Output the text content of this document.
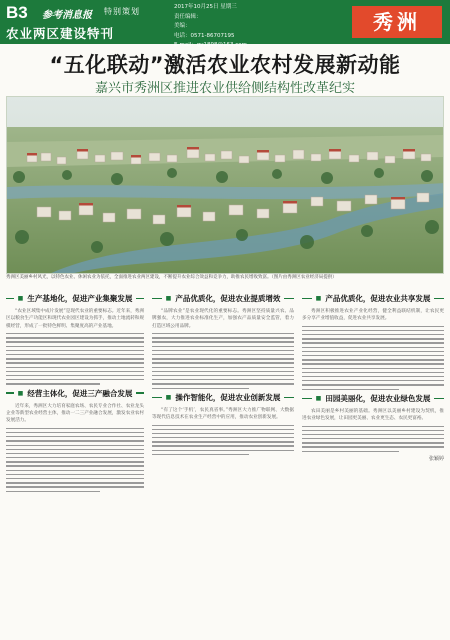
B3 参考消息报 特别策划
农业两区建设特刊
2017年10月25日 星期三
责任编辑：
美编：
电话：0571-86707195
E-mail：gy1898@163.com
秀洲
“五化联动”激活农业农村发展新动能
嘉兴市秀洲区推进农业供给侧结构性改革纪实
秀洲区美丽乡村风光，以特色农业、休闲农业为依托，全面推进农业两区建设，不断提升农业综合效益和竞争力，助推农民增收致富。（图片由秀洲区农业经济局提供）
■ 生产基地化，促进产业集聚发展
“农业区域集中成片发展”是现代农业的重要标志。近年来，秀洲区以粮食生产功能区和现代农业园区建设为抓手，推动土地流转和规模经营，形成了一批特色鲜明、集聚度高的产业基地。
■ 经营主体化，促进三产融合发展
近年来，秀洲区大力培育家庭农场、农民专业合作社、农业龙头企业等新型农业经营主体，推动一二三产业融合发展，激发农业农村发展活力。
■ 产品优质化，促进农业提质增效
“品牌农业”是农业现代化的重要标志。秀洲区坚持质量兴农、品牌强农，大力推进农业标准化生产，加强农产品质量安全监管，着力打造区域公用品牌。
■ 操作智能化，促进农业创新发展
“有了这个‘手机’，农民真省事。”秀洲区大力推广物联网、大数据等现代信息技术在农业生产经营中的应用，推动农业创新发展。
■ 产品优质化，促进农业共享发展
秀洲区积极推进农业产业化经营，健全利益联结机制，让农民更多分享产业增值收益，促进农业共享发展。
■ 田园美丽化，促进农业绿色发展
农田美丽是乡村美丽的基础。秀洲区以美丽乡村建设为契机，推进农业绿色发展，让田园更美丽、农业更生态、农民更富裕。
张颖婷
